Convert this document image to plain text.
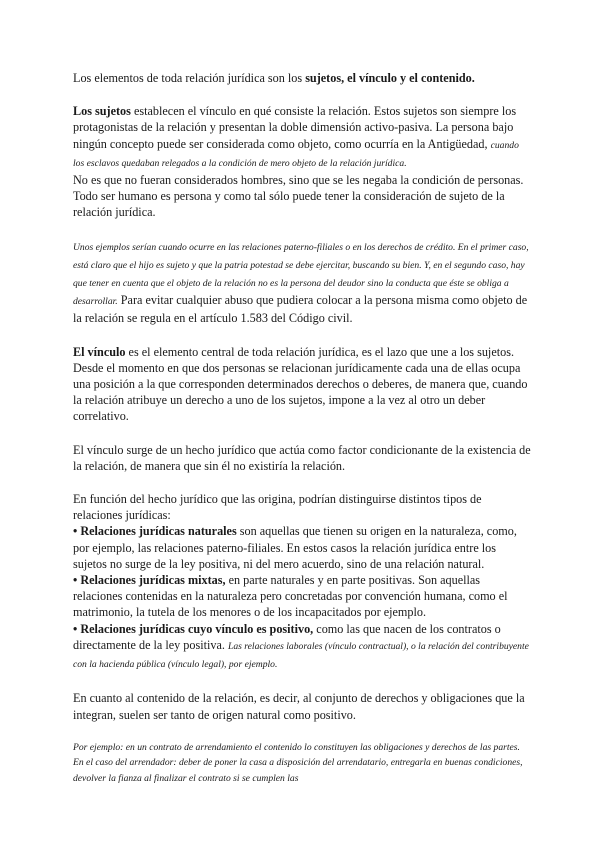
Los elementos de toda relación jurídica son los sujetos, el vínculo y el contenido.

Los sujetos establecen el vínculo en qué consiste la relación. Estos sujetos son siempre los protagonistas de la relación y presentan la doble dimensión activo-pasiva. La persona bajo ningún concepto puede ser considerada como objeto, como ocurría en la Antigüedad, cuando los esclavos quedaban relegados a la condición de mero objeto de la relación jurídica.
No es que no fueran considerados hombres, sino que se les negaba la condición de personas. Todo ser humano es persona y como tal sólo puede tener la consideración de sujeto de la relación jurídica.

Unos ejemplos serían cuando ocurre en las relaciones paterno-filiales o en los derechos de crédito. En el primer caso, está claro que el hijo es sujeto y que la patria potestad se debe ejercitar, buscando su bien. Y, en el segundo caso, hay que tener en cuenta que el objeto de la relación no es la persona del deudor sino la conducta que éste se obliga a desarrollar. Para evitar cualquier abuso que pudiera colocar a la persona misma como objeto de la relación se regula en el artículo 1.583 del Código civil.

El vínculo es el elemento central de toda relación jurídica, es el lazo que une a los sujetos. Desde el momento en que dos personas se relacionan jurídicamente cada una de ellas ocupa una posición a la que corresponden determinados derechos o deberes, de manera que, cuando la relación atribuye un derecho a uno de los sujetos, impone a la vez al otro un deber correlativo.

El vínculo surge de un hecho jurídico que actúa como factor condicionante de la existencia de la relación, de manera que sin él no existiría la relación.

En función del hecho jurídico que las origina, podrían distinguirse distintos tipos de relaciones jurídicas:
• Relaciones jurídicas naturales son aquellas que tienen su origen en la naturaleza, como, por ejemplo, las relaciones paterno-filiales. En estos casos la relación jurídica entre los sujetos no surge de la ley positiva, ni del mero acuerdo, sino de una relación natural.
• Relaciones jurídicas mixtas, en parte naturales y en parte positivas. Son aquellas relaciones contenidas en la naturaleza pero concretadas por convención humana, como el matrimonio, la tutela de los menores o de los incapacitados por ejemplo.
• Relaciones jurídicas cuyo vínculo es positivo, como las que nacen de los contratos o directamente de la ley positiva. Las relaciones laborales (vínculo contractual), o la relación del contribuyente con la hacienda pública (vínculo legal), por ejemplo.

En cuanto al contenido de la relación, es decir, al conjunto de derechos y obligaciones que la integran, suelen ser tanto de origen natural como positivo.

Por ejemplo: en un contrato de arrendamiento el contenido lo constituyen las obligaciones y derechos de las partes. En el caso del arrendador: deber de poner la casa a disposición del arrendatario, entregarla en buenas condiciones, devolver la fianza al finalizar el contrato si se cumplen las
